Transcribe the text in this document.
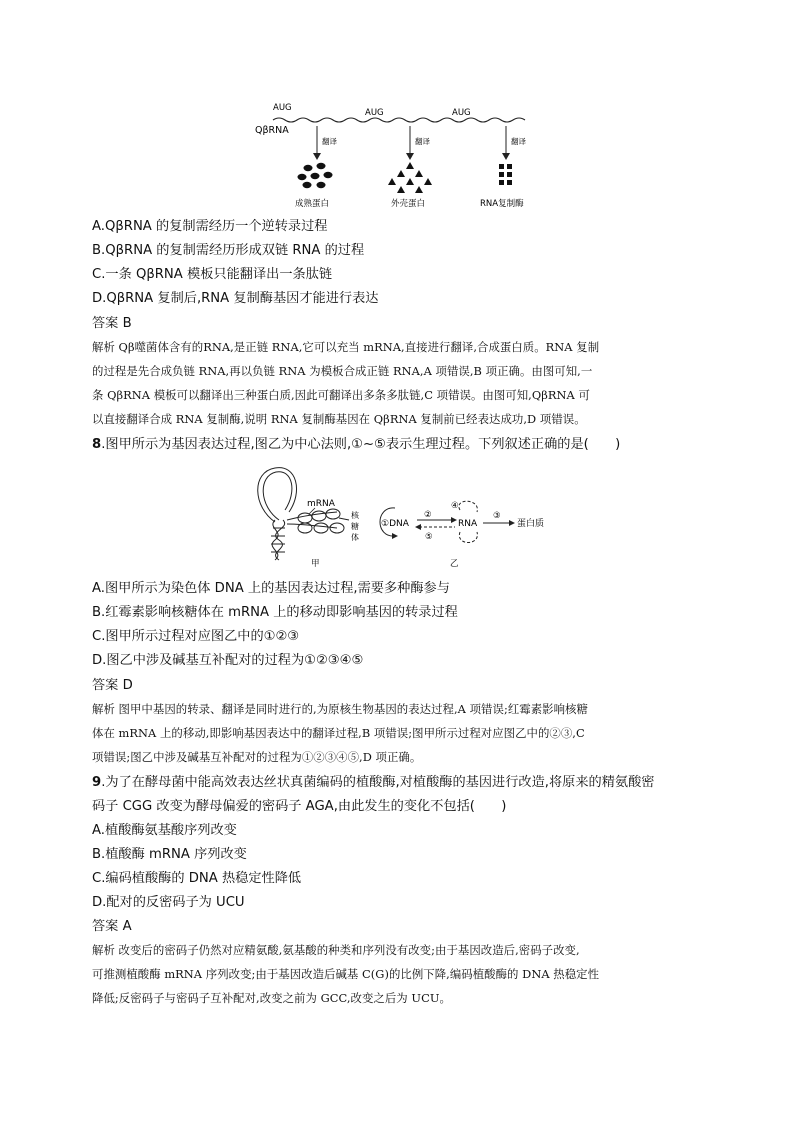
AUG	AUG	AUG
QβRNA
翻译	翻译	翻译
成熟蛋白	外壳蛋白	RNA复制酶
A.QβRNA 的复制需经历一个逆转录过程
B.QβRNA 的复制需经历形成双链 RNA 的过程
C.一条 QβRNA 模板只能翻译出一条肽链
D.QβRNA 复制后,RNA 复制酶基因才能进行表达
答案 B
解析 Qβ噬菌体含有的RNA,是正链 RNA,它可以充当 mRNA,直接进行翻译,合成蛋白质。RNA 复制
的过程是先合成负链 RNA,再以负链 RNA 为模板合成正链 RNA,A 项错误,B 项正确。由图可知,一
条 QβRNA 模板可以翻译出三种蛋白质,因此可翻译出多条多肽链,C 项错误。由图可知,QβRNA 可
以直接翻译合成 RNA 复制酶,说明 RNA 复制酶基因在 QβRNA 复制前已经表达成功,D 项错误。
8.图甲所示为基因表达过程,图乙为中心法则,①~⑤表示生理过程。下列叙述正确的是(　　)
mRNA
核
糖
体
甲
①DNA
②
⑤
④
RNA
③
蛋白质
乙
A.图甲所示为染色体 DNA 上的基因表达过程,需要多种酶参与
B.红霉素影响核糖体在 mRNA 上的移动即影响基因的转录过程
C.图甲所示过程对应图乙中的①②③
D.图乙中涉及碱基互补配对的过程为①②③④⑤
答案 D
解析 图甲中基因的转录、翻译是同时进行的,为原核生物基因的表达过程,A 项错误;红霉素影响核糖
体在 mRNA 上的移动,即影响基因表达中的翻译过程,B 项错误;图甲所示过程对应图乙中的②③,C
项错误;图乙中涉及碱基互补配对的过程为①②③④⑤,D 项正确。
9.为了在酵母菌中能高效表达丝状真菌编码的植酸酶,对植酸酶的基因进行改造,将原来的精氨酸密
码子 CGG 改变为酵母偏爱的密码子 AGA,由此发生的变化不包括(　　)
A.植酸酶氨基酸序列改变
B.植酸酶 mRNA 序列改变
C.编码植酸酶的 DNA 热稳定性降低
D.配对的反密码子为 UCU
答案 A
解析 改变后的密码子仍然对应精氨酸,氨基酸的种类和序列没有改变;由于基因改造后,密码子改变,
可推测植酸酶 mRNA 序列改变;由于基因改造后碱基 C(G)的比例下降,编码植酸酶的 DNA 热稳定性
降低;反密码子与密码子互补配对,改变之前为 GCC,改变之后为 UCU。
